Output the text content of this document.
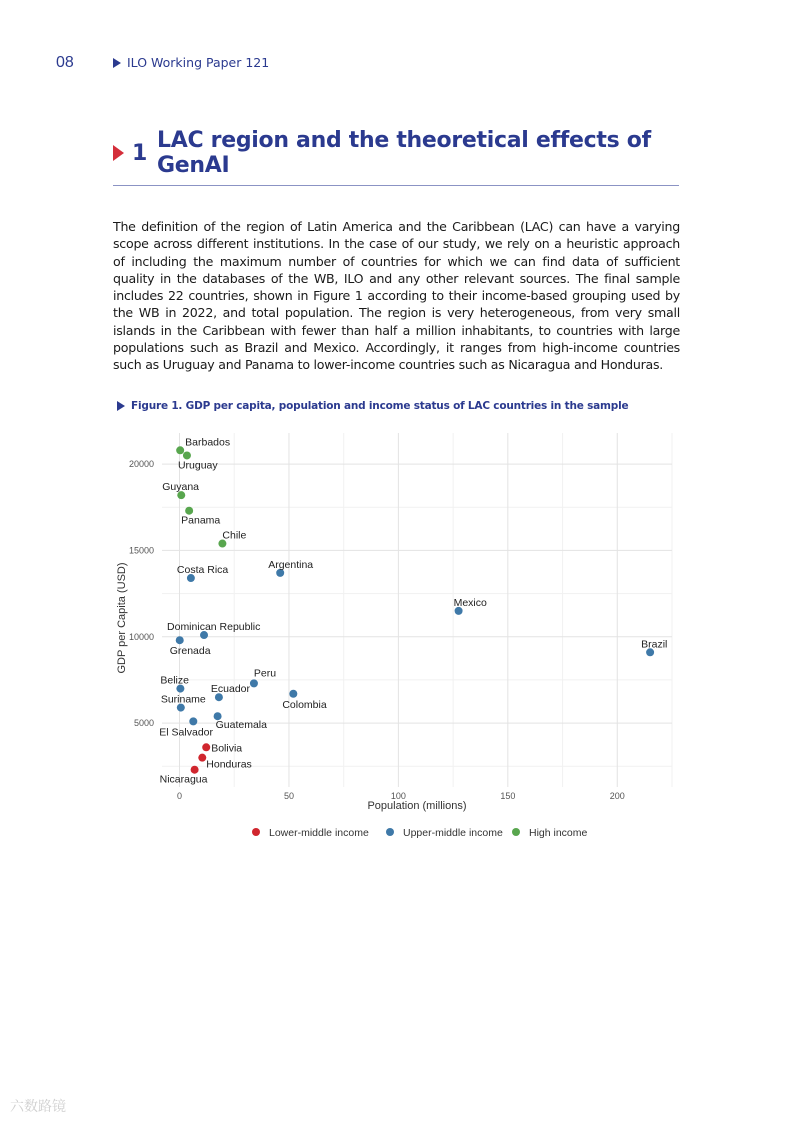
08	ILO Working Paper 121
1 LAC region and the theoretical effects of GenAI

The definition of the region of Latin America and the Caribbean (LAC) can have a varying scope across different institutions. In the case of our study, we rely on a heuristic approach of including the maximum number of countries for which we can find data of sufficient quality in the databases of the WB, ILO and any other relevant sources. The final sample includes 22 countries, shown in Figure 1 according to their income-based grouping used by the WB in 2022, and total population. The region is very heterogeneous, from very small islands in the Caribbean with fewer than half a million inhabitants, to countries with large populations such as Brazil and Mexico. Accordingly, it ranges from high-income countries such as Uruguay and Panama to lower-income countries such as Nicaragua and Honduras.

Figure 1. GDP per capita, population and income status of LAC countries in the sample
0	50	100	150	200
5000
10000
15000
20000
Barbados
Uruguay
Guyana
Panama
Chile
Costa Rica	Argentina
Mexico
Dominican Republic
Grenada
Brazil
Peru
Belize
Ecuador
Colombia
Suriname
Guatemala
El Salvador
Bolivia
Honduras
Nicaragua
Population (millions)
GDP per Capita (USD)
Lower-middle income	Upper-middle income High income
六数路镜
